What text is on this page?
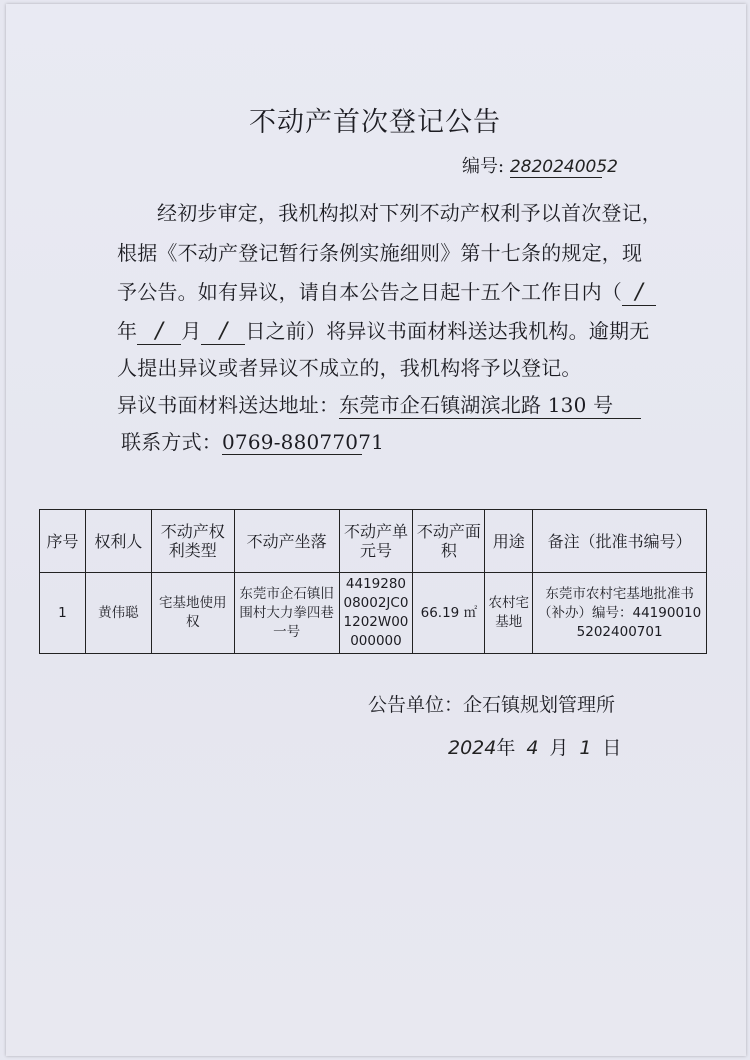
不动产首次登记公告
编号: 2820240052
经初步审定，我机构拟对下列不动产权利予以首次登记，
根据《不动产登记暂行条例实施细则》第十七条的规定，现
予公告。如有异议，请自本公告之日起十五个工作日内（ /
年 / 月 / 日之前）将异议书面材料送达我机构。逾期无
人提出异议或者异议不成立的，我机构将予以登记。
异议书面材料送达地址：东莞市企石镇湖滨北路 130 号
联系方式：0769-88077071
序号	权利人	不动产权利类型	不动产坐落	不动产单元号	不动产面积	用途	备注（批准书编号）
1	黄伟聪	宅基地使用权	东莞市企石镇旧围村大力拳四巷一号	441928008002JC01202W00000000	66.19 ㎡	农村宅基地	东莞市农村宅基地批准书（补办）编号：441900105202400701
公告单位：企石镇规划管理所
2024年 4 月 1 日
